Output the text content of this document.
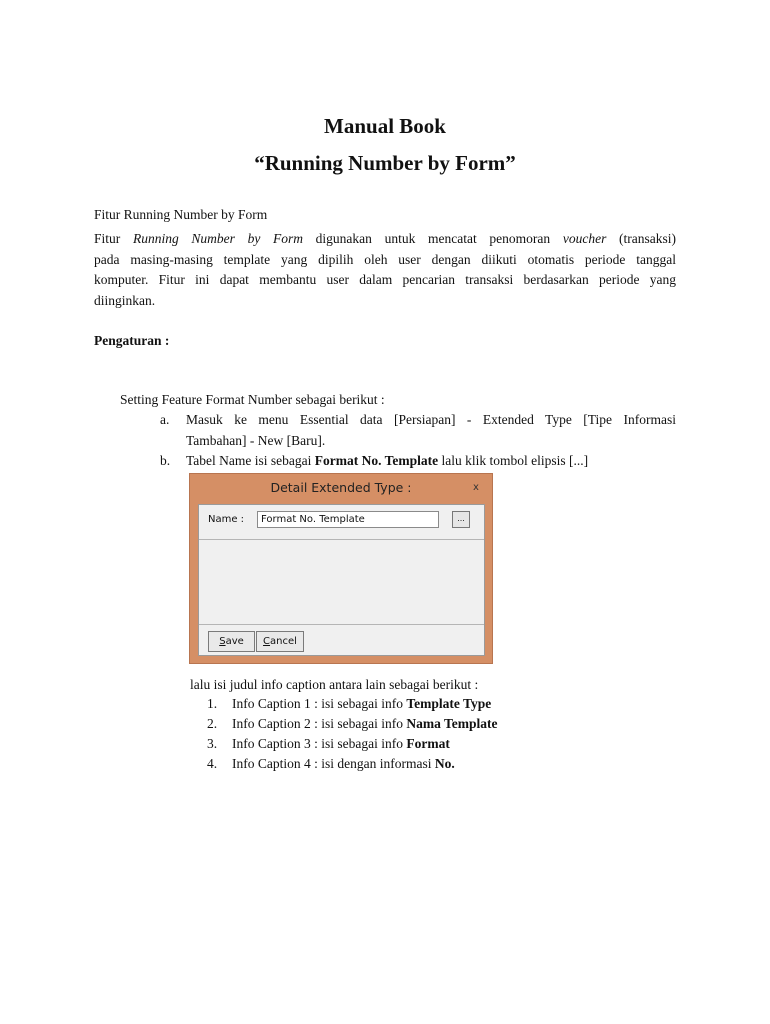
Manual Book
“Running Number by Form”
Fitur Running Number by Form
Fitur Running Number by Form digunakan untuk mencatat penomoran voucher (transaksi)
pada masing-masing template yang dipilih oleh user dengan diikuti otomatis periode tanggal
komputer. Fitur ini dapat membantu user dalam pencarian transaksi berdasarkan periode yang
diinginkan.
Pengaturan :
Setting Feature Format Number sebagai berikut :
a.	Masuk ke menu Essential data [Persiapan] - Extended Type [Tipe Informasi
Tambahan] - New [Baru].
b.	Tabel Name isi sebagai Format No. Template lalu klik tombol elipsis [...]
Detail Extended Type :	x
Name :	Format No. Template	...
Save	Cancel
lalu isi judul info caption antara lain sebagai berikut :
1. Info Caption 1 : isi sebagai info Template Type
2. Info Caption 2 : isi sebagai info Nama Template
3. Info Caption 3 : isi sebagai info Format
4. Info Caption 4 : isi dengan informasi No.
